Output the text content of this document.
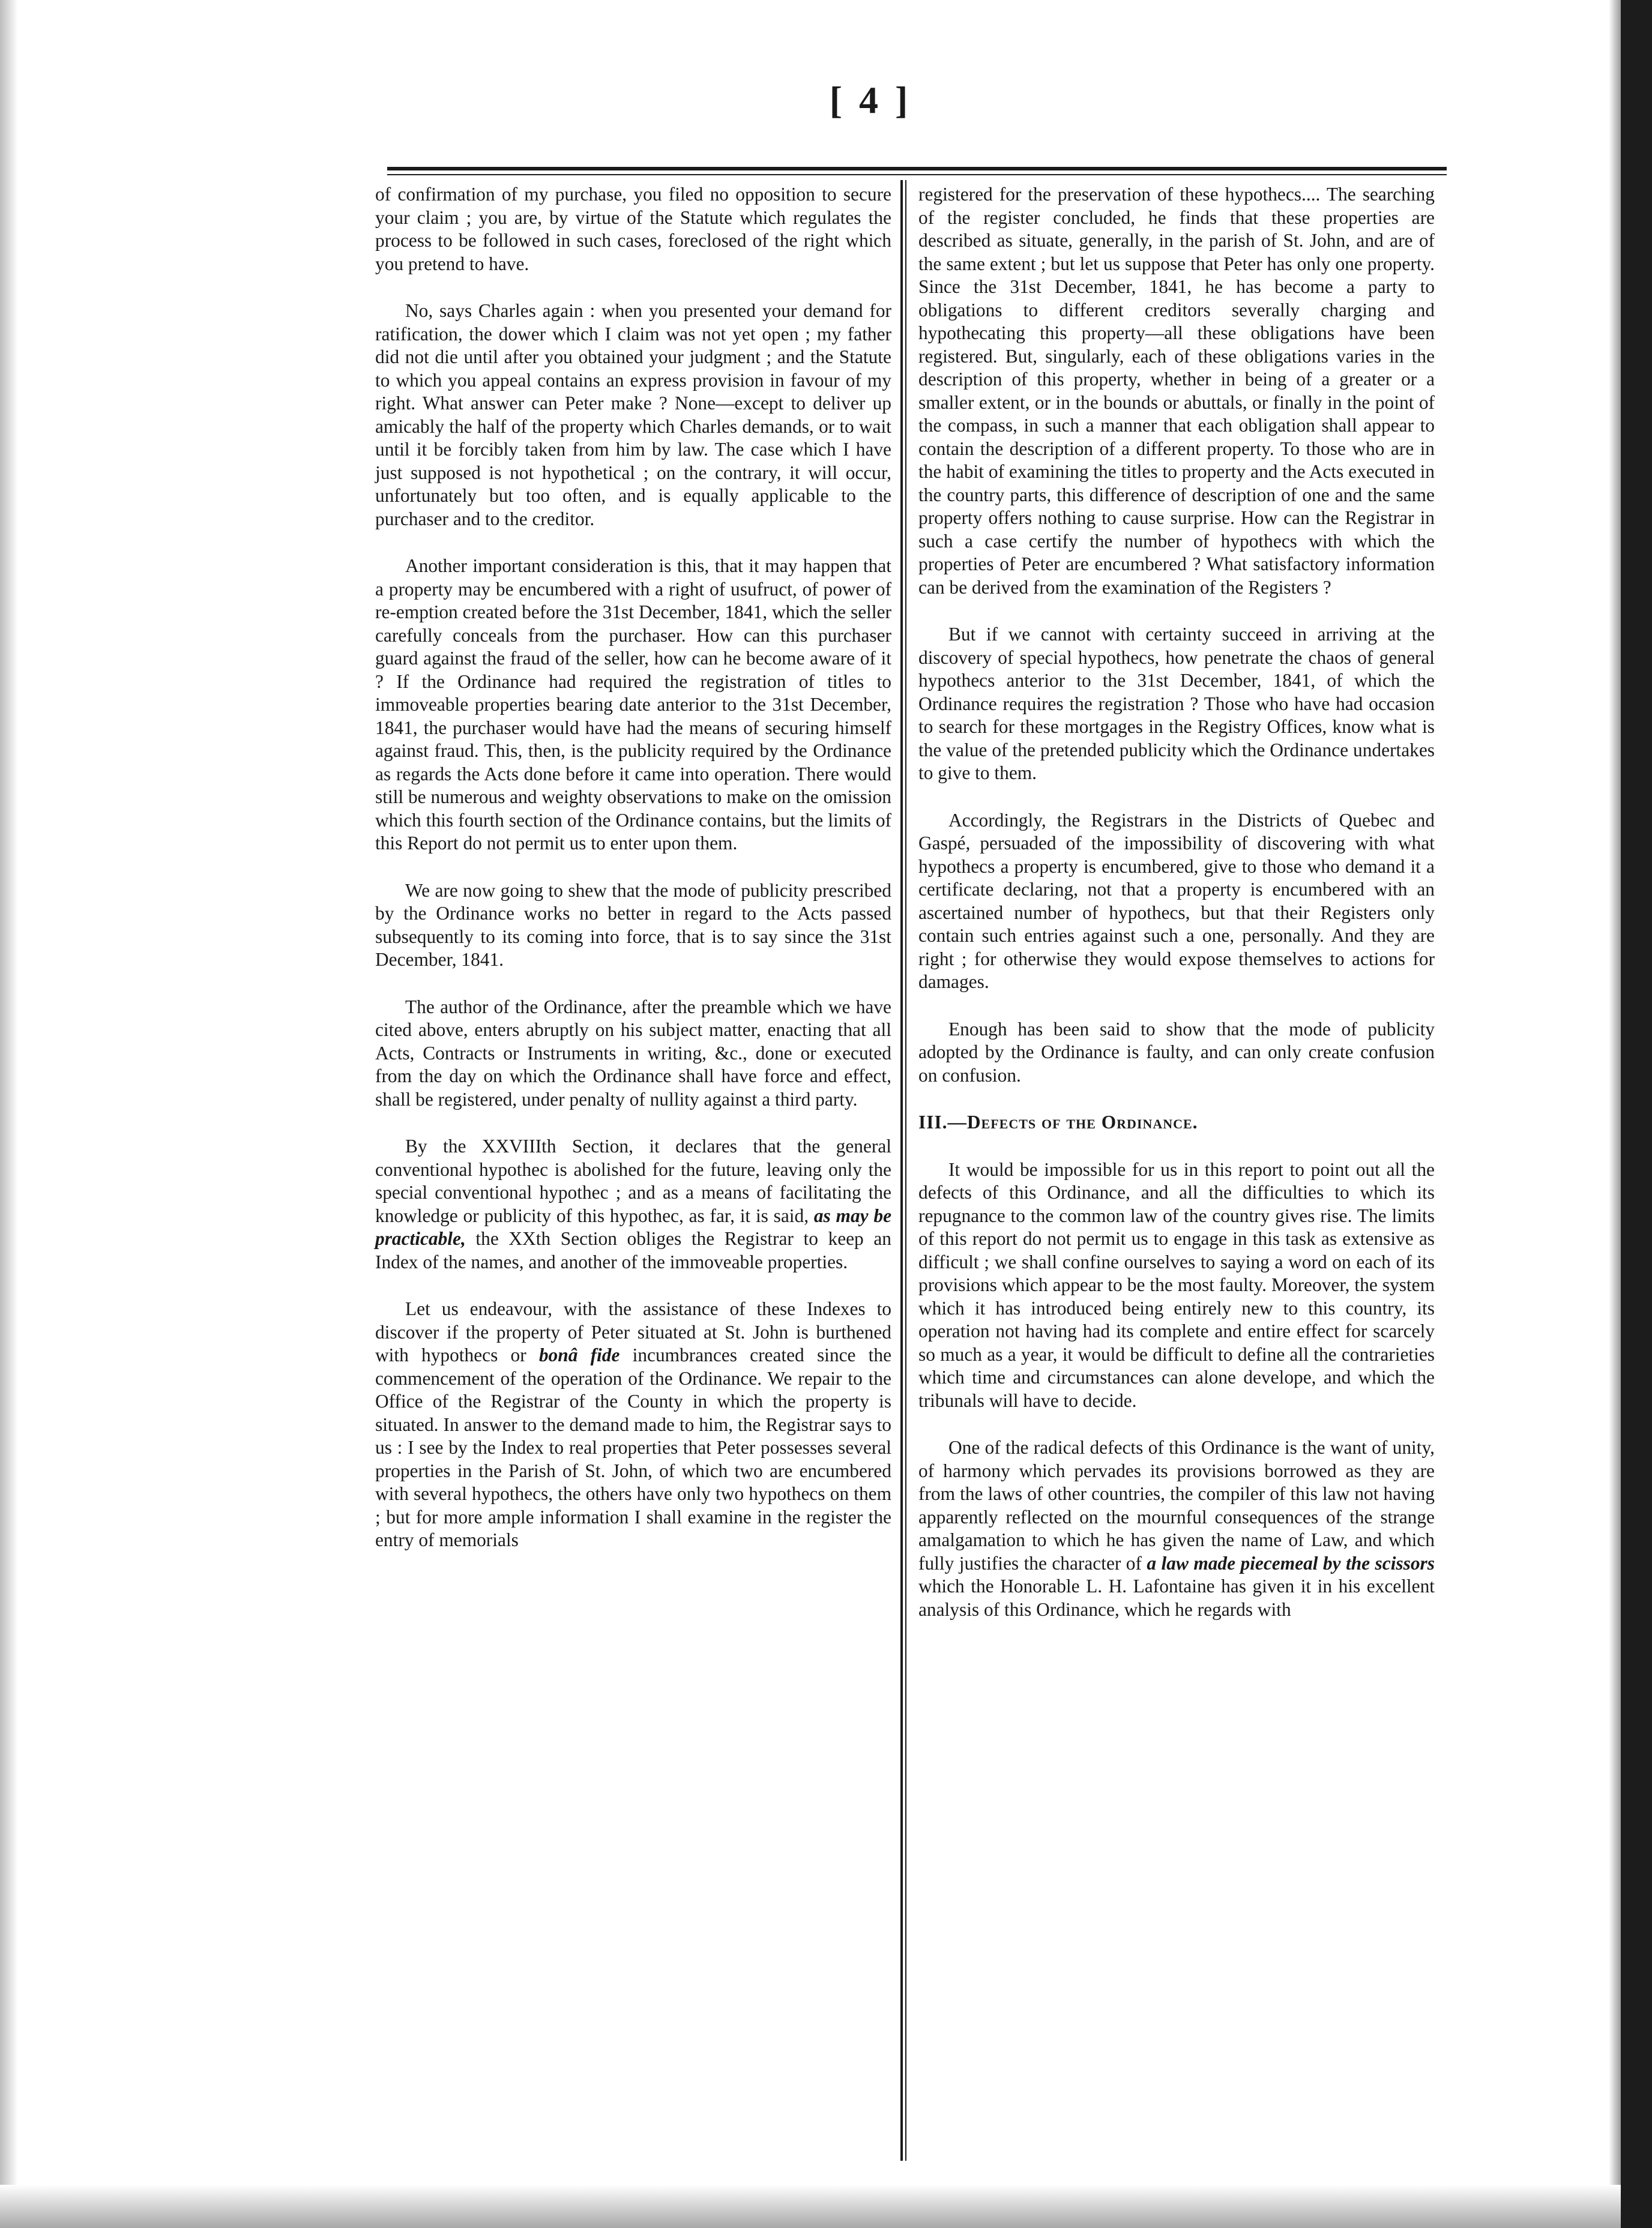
[ 4 ]

of confirmation of my purchase, you filed no opposition to secure your claim ; you are, by virtue of the Statute which regulates the process to be followed in such cases, foreclosed of the right which you pretend to have.

No, says Charles again : when you presented your demand for ratification, the dower which I claim was not yet open ; my father did not die until after you obtained your judgment ; and the Statute to which you appeal contains an express provision in favour of my right. What answer can Peter make ? None—except to deliver up amicably the half of the property which Charles demands, or to wait until it be forcibly taken from him by law. The case which I have just supposed is not hypothetical ; on the contrary, it will occur, unfortunately but too often, and is equally applicable to the purchaser and to the creditor.

Another important consideration is this, that it may happen that a property may be encumbered with a right of usufruct, of power of re-emption created before the 31st December, 1841, which the seller carefully conceals from the purchaser. How can this purchaser guard against the fraud of the seller, how can he become aware of it ? If the Ordinance had required the registration of titles to immoveable properties bearing date anterior to the 31st December, 1841, the purchaser would have had the means of securing himself against fraud. This, then, is the publicity required by the Ordinance as regards the Acts done before it came into operation. There would still be numerous and weighty observations to make on the omission which this fourth section of the Ordinance contains, but the limits of this Report do not permit us to enter upon them.

We are now going to shew that the mode of publicity prescribed by the Ordinance works no better in regard to the Acts passed subsequently to its coming into force, that is to say since the 31st December, 1841.

The author of the Ordinance, after the preamble which we have cited above, enters abruptly on his subject matter, enacting that all Acts, Contracts or Instruments in writing, &c., done or executed from the day on which the Ordinance shall have force and effect, shall be registered, under penalty of nullity against a third party.

By the XXVIIIth Section, it declares that the general conventional hypothec is abolished for the future, leaving only the special conventional hypothec ; and as a means of facilitating the knowledge or publicity of this hypothec, as far, it is said, as may be practicable, the XXth Section obliges the Registrar to keep an Index of the names, and another of the immoveable properties.

Let us endeavour, with the assistance of these Indexes to discover if the property of Peter situated at St. John is burthened with hypothecs or bonâ fide incumbrances created since the commencement of the operation of the Ordinance. We repair to the Office of the Registrar of the County in which the property is situated. In answer to the demand made to him, the Registrar says to us : I see by the Index to real properties that Peter possesses several properties in the Parish of St. John, of which two are encumbered with several hypothecs, the others have only two hypothecs on them ; but for more ample information I shall examine in the register the entry of memorials

registered for the preservation of these hypothecs.... The searching of the register concluded, he finds that these properties are described as situate, generally, in the parish of St. John, and are of the same extent ; but let us suppose that Peter has only one property. Since the 31st December, 1841, he has become a party to obligations to different creditors severally charging and hypothecating this property—all these obligations have been registered. But, singularly, each of these obligations varies in the description of this property, whether in being of a greater or a smaller extent, or in the bounds or abuttals, or finally in the point of the compass, in such a manner that each obligation shall appear to contain the description of a different property. To those who are in the habit of examining the titles to property and the Acts executed in the country parts, this difference of description of one and the same property offers nothing to cause surprise. How can the Registrar in such a case certify the number of hypothecs with which the properties of Peter are encumbered ? What satisfactory information can be derived from the examination of the Registers ?

But if we cannot with certainty succeed in arriving at the discovery of special hypothecs, how penetrate the chaos of general hypothecs anterior to the 31st December, 1841, of which the Ordinance requires the registration ? Those who have had occasion to search for these mortgages in the Registry Offices, know what is the value of the pretended publicity which the Ordinance undertakes to give to them.

Accordingly, the Registrars in the Districts of Quebec and Gaspé, persuaded of the impossibility of discovering with what hypothecs a property is encumbered, give to those who demand it a certificate declaring, not that a property is encumbered with an ascertained number of hypothecs, but that their Registers only contain such entries against such a one, personally. And they are right ; for otherwise they would expose themselves to actions for damages.

Enough has been said to show that the mode of publicity adopted by the Ordinance is faulty, and can only create confusion on confusion.

III.—Defects of the Ordinance.

It would be impossible for us in this report to point out all the defects of this Ordinance, and all the difficulties to which its repugnance to the common law of the country gives rise. The limits of this report do not permit us to engage in this task as extensive as difficult ; we shall confine ourselves to saying a word on each of its provisions which appear to be the most faulty. Moreover, the system which it has introduced being entirely new to this country, its operation not having had its complete and entire effect for scarcely so much as a year, it would be difficult to define all the contrarieties which time and circumstances can alone develope, and which the tribunals will have to decide.

One of the radical defects of this Ordinance is the want of unity, of harmony which pervades its provisions borrowed as they are from the laws of other countries, the compiler of this law not having apparently reflected on the mournful consequences of the strange amalgamation to which he has given the name of Law, and which fully justifies the character of a law made piecemeal by the scissors which the Honorable L. H. Lafontaine has given it in his excellent analysis of this Ordinance, which he regards with
